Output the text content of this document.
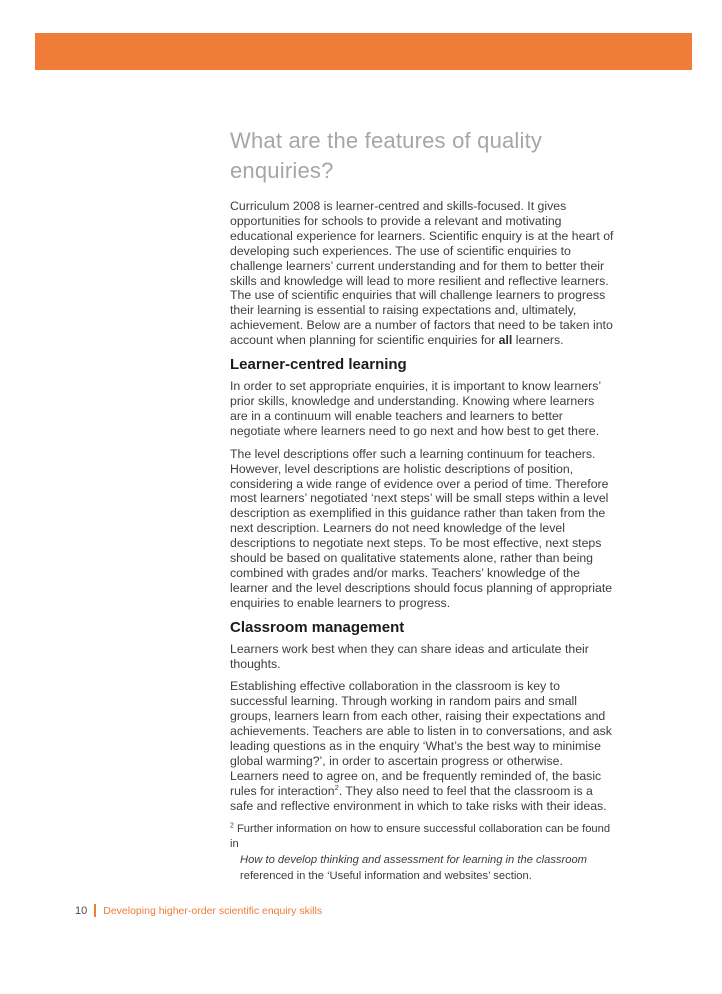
What are the features of quality enquiries?

Curriculum 2008 is learner-centred and skills-focused. It gives opportunities for schools to provide a relevant and motivating educational experience for learners. Scientific enquiry is at the heart of developing such experiences. The use of scientific enquiries to challenge learners’ current understanding and for them to better their skills and knowledge will lead to more resilient and reflective learners. The use of scientific enquiries that will challenge learners to progress their learning is essential to raising expectations and, ultimately, achievement. Below are a number of factors that need to be taken into account when planning for scientific enquiries for all learners.

Learner-centred learning

In order to set appropriate enquiries, it is important to know learners’ prior skills, knowledge and understanding. Knowing where learners are in a continuum will enable teachers and learners to better negotiate where learners need to go next and how best to get there.

The level descriptions offer such a learning continuum for teachers. However, level descriptions are holistic descriptions of position, considering a wide range of evidence over a period of time. Therefore most learners’ negotiated ‘next steps’ will be small steps within a level description as exemplified in this guidance rather than taken from the next description. Learners do not need knowledge of the level descriptions to negotiate next steps. To be most effective, next steps should be based on qualitative statements alone, rather than being combined with grades and/or marks. Teachers’ knowledge of the learner and the level descriptions should focus planning of appropriate enquiries to enable learners to progress.

Classroom management

Learners work best when they can share ideas and articulate their thoughts.

Establishing effective collaboration in the classroom is key to successful learning. Through working in random pairs and small groups, learners learn from each other, raising their expectations and achievements. Teachers are able to listen in to conversations, and ask leading questions as in the enquiry ‘What’s the best way to minimise global warming?’, in order to ascertain progress or otherwise. Learners need to agree on, and be frequently reminded of, the basic rules for interaction$^2$. They also need to feel that the classroom is a safe and reflective environment in which to take risks with their ideas.

$^2$ Further information on how to ensure successful collaboration can be found in
How to develop thinking and assessment for learning in the classroom
referenced in the ‘Useful information and websites’ section.
10 Developing higher-order scientific enquiry skills
